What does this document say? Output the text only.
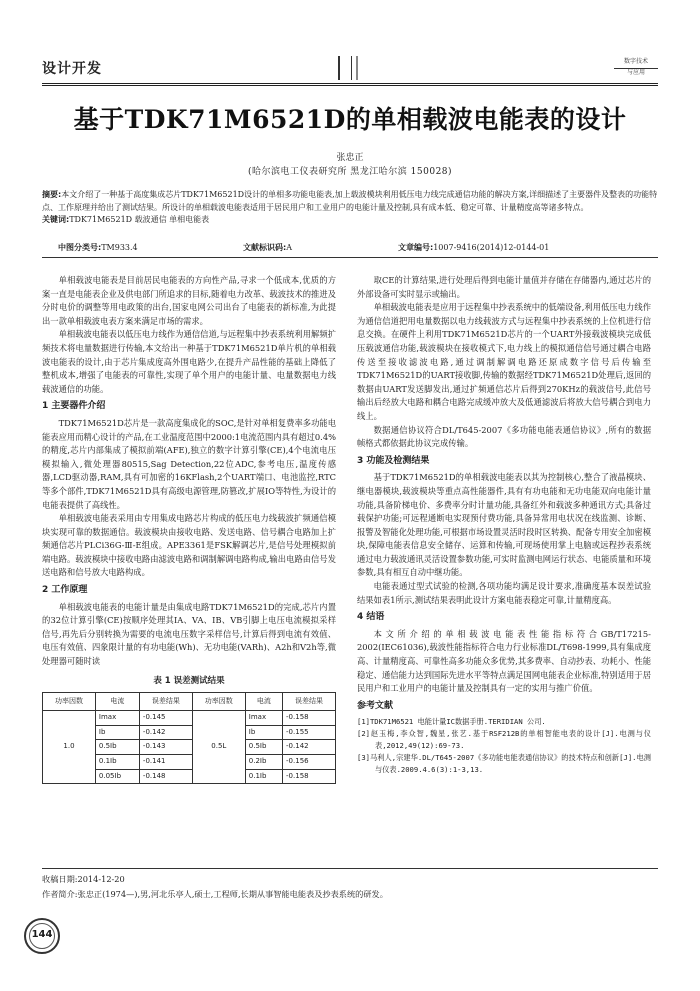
设计开发	数字技术
与应用
基于TDK71M6521D的单相载波电能表的设计
张忠正
(哈尔滨电工仪表研究所 黑龙江哈尔滨 150028)
摘要:本文介绍了一种基于高度集成芯片TDK71M6521D设计的单相多功能电能表,加上载波模块利用低压电力线完成通信功能的解决方案,详细描述了主要器件及整表的功能特点、工作原理并给出了测试结果。所设计的单相载波电能表适用于居民用户和工业用户的电能计量及控制,具有成本低、稳定可靠、计量精度高等诸多特点。
关键词:TDK71M6521D 载波通信 单相电能表
中图分类号:TM933.4	文献标识码:A	文章编号:1007-9416(2014)12-0144-01

单相载波电能表是目前居民电能表的方向性产品,寻求一个低成本,优质的方案一直是电能表企业及供电部门所追求的目标,随着电力改革、载波技术的推进及分时电价的调整等用电政策的出台,国家电网公司出台了电能表的新标准,为此提出一款单相载波电表方案来满足市场的需求。

单相载波电能表以低压电力线作为通信信道,与远程集中抄表系统利用解频扩频技术将电量数据进行传输,本文给出一种基于TDK71M6521D单片机的单相载波电能表的设计,由于芯片集成度高外围电路少,在提升产品性能的基础上降低了整机成本,增强了电能表的可靠性,实现了单个用户的电能计量、电量数据电力线载波通信的功能。

1 主要器件介绍

TDK71M6521D芯片是一款高度集成化的SOC,是针对单相复费率多功能电能表应用而精心设计的产品,在工业温度范围中2000:1电流范围内具有超过0.4%的精度,芯片内部集成了模拟前端(AFE),独立的数字计算引擎(CE),4个电流电压模拟输入,微处理器80515,Sag Detection,22位ADC,参考电压,温度传感器,LCD驱动器,RAM,具有可加密的16KFlash,2个UART端口、电池监控,RTC等多个部件,TDK71M6521D具有高级电源管理,防篡改,扩展IO等特性,为设计的电能表提供了高线性。

单相载波电能表采用由专用集成电路芯片构成的低压电力线载波扩频通信模块实现可靠的数据通信。载波模块由接收电路、发送电路、信号耦合电路加上扩频通信芯片PLCi36G-Ⅲ-E组成。APE3361是FSK解调芯片,是信号处理模拟前端电路。载波模块中接收电路由滤波电路和调制解调电路构成,输出电路由信号发送电路和信号放大电路构成。

2 工作原理

单相载波电能表的电能计量是由集成电路TDK71M6521D的完成,芯片内置的32位计算引擎(CE)按顺序处理其IA、VA、IB、VB引脚上电压电流模拟采样信号,再先后分别转换为需要的电流电压数字采样信号,计算后得到电流有效值、电压有效值、四象限计量的有功电能(Wh)、无功电能(VARh)、A2h和V2h等,微处理器可随时读

表 1 误差测试结果
功率因数	电流	误差结果	功率因数	电流	误差结果
1.0	Imax	-0.145	0.5L	Imax	-0.158
	Ib	-0.142		Ib	-0.155
	0.5Ib	-0.143		0.5Ib	-0.142
	0.1Ib	-0.141		0.2Ib	-0.156
	0.05Ib	-0.148		0.1Ib	-0.158

取CE的计算结果,进行处理后得到电能计量值并存储在存储器内,通过芯片的外部设备可实时显示或输出。

单相载波电能表是应用于远程集中抄表系统中的低端设备,利用低压电力线作为通信信道把用电量数据以电力线载波方式与远程集中抄表系统的上位机进行信息交换。在硬件上利用TDK71M6521D芯片的一个UART外接载波模块完成低压载波通信功能,载波模块在接收模式下,电力线上的模拟通信信号通过耦合电路传送至接收滤波电路,通过调制解调电路还原成数字信号后传输至TDK71M6521D的UART接收脚,传输的数据经TDK71M6521D处理后,返回的数据由UART发送脚发出,通过扩频通信芯片后得到270KHz的载波信号,此信号输出后经放大电路和耦合电路完成缓冲放大及低通滤波后将放大信号耦合到电力线上。

数据通信协议符合DL/T645-2007《多功能电能表通信协议》,所有的数据帧格式都依据此协议完成传输。

3 功能及检测结果

基于TDK71M6521D的单相载波电能表以其为控制核心,整合了液晶模块、继电器模块,载波模块等重点高性能器件,具有有功电能和无功电能双向电能计量功能,具备阶梯电价、多费率分时计量功能,具备红外和载波多种通讯方式;具备过载保护功能;可远程通断电实现预付费功能,具备异常用电状况在线监测、诊断、报警及智能化处理功能,可根据市场设置灵活时段时区转换、配备专用安全加密模块,保障电能表信息安全储存、运算和传输,可现场使用掌上电脑或远程抄表系统通过电力载波通讯灵活设置参数功能,可实时监测电网运行状态、电能质量和环境参数,具有相互自动中继功能。

电能表通过型式试验的检测,各项功能均满足设计要求,准确度基本误差试验结果如表1所示,测试结果表明此设计方案电能表稳定可靠,计量精度高。

4 结语

本文所介绍的单相载波电能表性能指标符合GB/T17215-2002(IEC61036),载波性能指标符合电力行业标准DL/T698-1999,具有集成度高、计量精度高、可靠性高多功能众多优势,其多费率、自动抄表、功耗小、性能稳定、通信能力达到国际先进水平等特点满足国网电能表企业标准,特别适用于居民用户和工业用户的电能计量及控制具有一定的实用与推广价值。

参考文献

[1]TDK71M6521 电能计量IC数据手册.TERIDIAN 公司.

[2]赵玉梅,李众智,魏星,张艺.基于RSF212B的单相智能电表的设计[J].电测与仪表,2012,49(12):69-73.

[3]马利人,宗建华.DL/T645-2007《多功能电能表通信协议》的技术特点和创新[J].电测与仪表.2009.4.6(3):1-3,13.

收稿日期:2014-12-20
作者简介:张忠正(1974—),男,河北乐亭人,硕士,工程师,长期从事智能电能表及抄表系统的研发。
144
